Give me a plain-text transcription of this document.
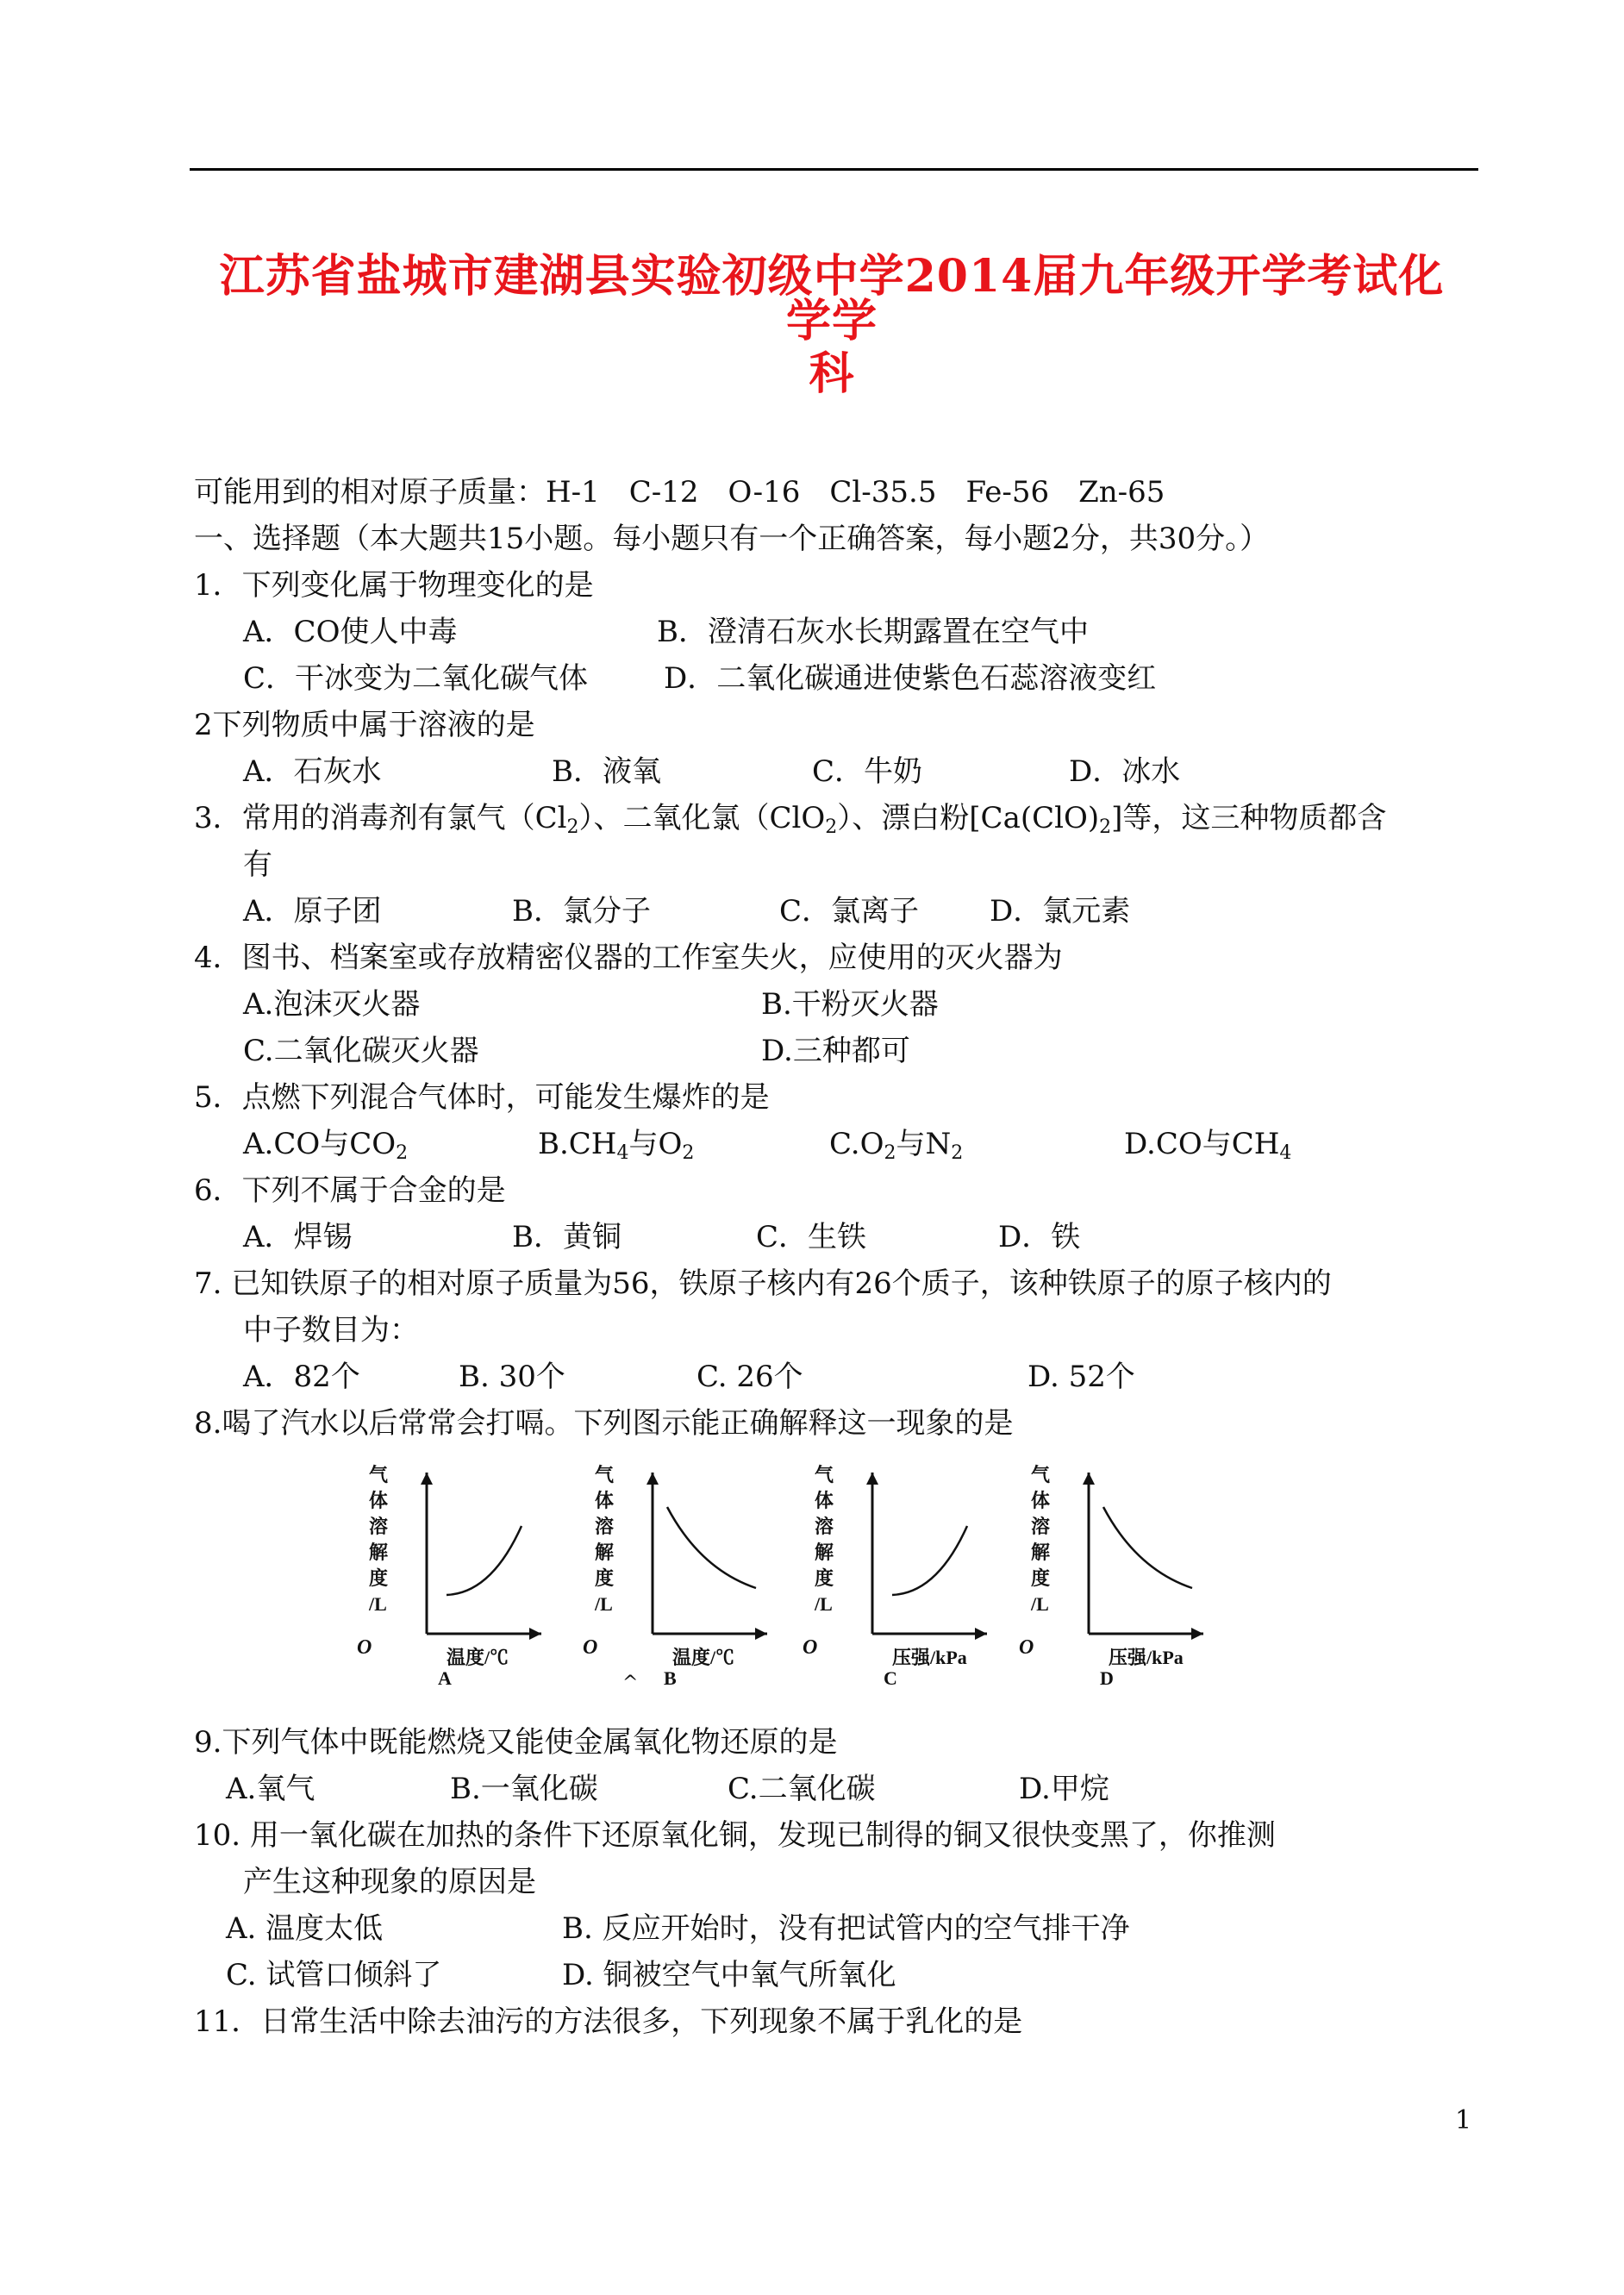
江苏省盐城市建湖县实验初级中学2014届九年级开学考试化学学
科
可能用到的相对原子质量：H-1　C-12　O-16　Cl-35.5　Fe-56　Zn-65
一、选择题（本大题共15小题。每小题只有一个正确答案，每小题2分，共30分。）
1．下列变化属于物理变化的是
A．CO使人中毒	B．澄清石灰水长期露置在空气中
C．干冰变为二氧化碳气体	D．二氧化碳通进使紫色石蕊溶液变红
2下列物质中属于溶液的是
A．石灰水	B．液氧	C．牛奶	D．冰水
3．常用的消毒剂有氯气$(Cl_2)$、二氧化氯（ClO$_2$）、漂白粉$[Ca(ClO)_2]$等，这三种物质都含
有
A．原子团	B．氯分子	C．氯离子 D．氯元素
4．图书、档案室或存放精密仪器的工作室失火，应使用的灭火器为
A.泡沫灭火器	B.干粉灭火器
C.二氧化碳灭火器	D.三种都可
5．点燃下列混合气体时，可能发生爆炸的是
A.CO与$CO_2$	$B.CH_4$与$O_2$	$C.O_2$与$N_2$	D.CO与$CH_4$
6．下列不属于合金的是
A．焊锡	B．黄铜	C．生铁	D．铁
7. 已知铁原子的相对原子质量为56，铁原子核内有26个质子，该种铁原子的原子核内的
中子数目为：
A．82个	B. 30个	C. 26个	D. 52个
8.喝了汽水以后常常会打嗝。下列图示能正确解释这一现象的是
气
体
溶
解
度
/L
O	温度/℃
A
气
体
溶
解
度
/L
O	温度/℃
B
气
体
溶
解
度
/L
O	压强/kPa
C
气
体
溶
解
度
/L
O	压强/kPa
D
^
9.下列气体中既能燃烧又能使金属氧化物还原的是
A.氧气	B.一氧化碳	C.二氧化碳	D.甲烷
10. 用一氧化碳在加热的条件下还原氧化铜，发现已制得的铜又很快变黑了，你推测
产生这种现象的原因是
A. 温度太低	B. 反应开始时，没有把试管内的空气排干净
C. 试管口倾斜了	D. 铜被空气中氧气所氧化
11．日常生活中除去油污的方法很多，下列现象不属于乳化的是
1
